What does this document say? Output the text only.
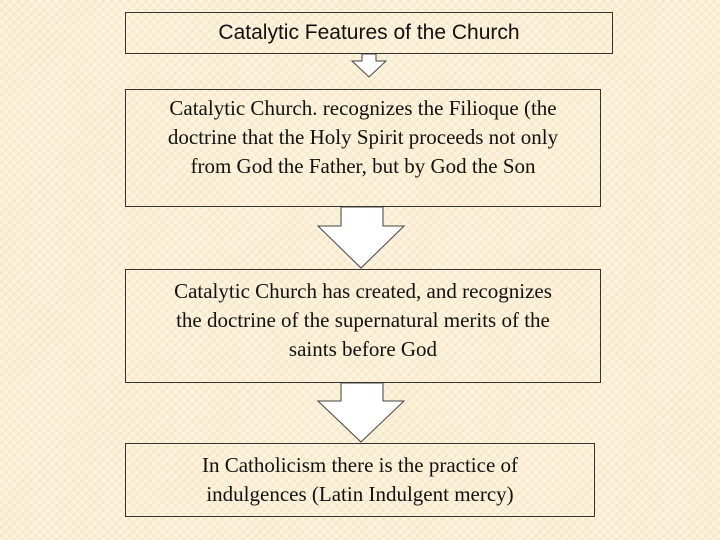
Catalytic Features of the Church
Catalytic Church. recognizes the Filioque (the
doctrine that the Holy Spirit proceeds not only
from God the Father, but by God the Son
Catalytic Church has created, and recognizes
the doctrine of the supernatural merits of the
saints before God
In Catholicism there is the practice of
indulgences (Latin Indulgent mercy)
